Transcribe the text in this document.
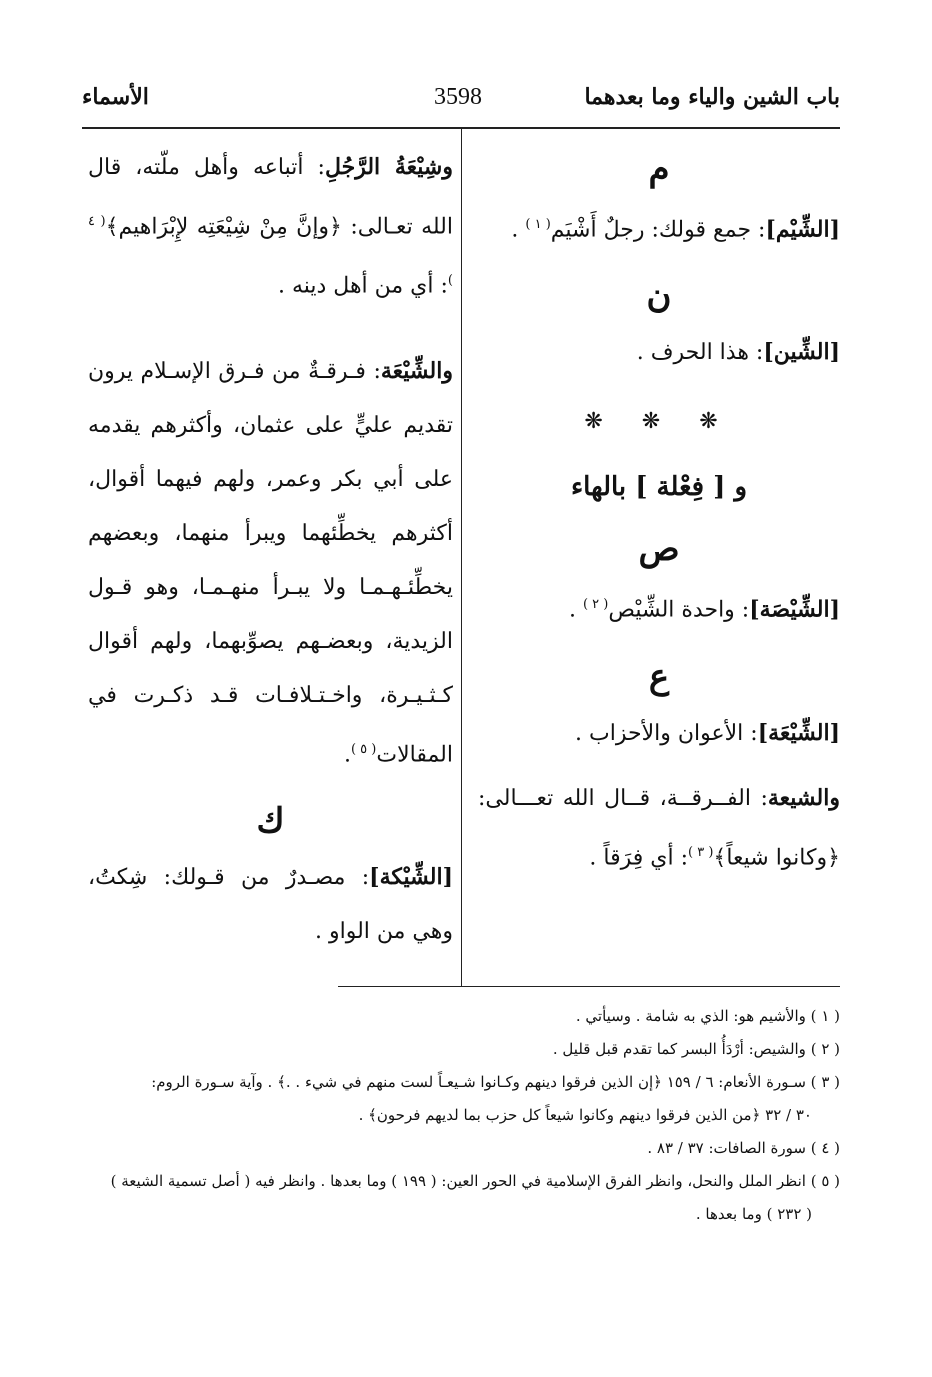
باب الشين والياء وما بعدهما
3598
الأسماء
م

[الشِّيْم]: جمع قولك: رجلٌ أَشْيَم$^{( ١ )}$ .

ن

[الشِّين]: هذا الحرف .

❋ ❋ ❋
و [ فِعْلة ] بالهاء
ص

[الشِّيْصَة]: واحدة الشِّيْص$^{( ٢ )}$ .

ع

[الشِّيْعَة]: الأعوان والأحزاب .

والشيعة: الفــرقــة، قــال الله تعـــالى: ﴿وكانوا شيعاً﴾$^{( ٣ )}$: أي فِرَقاً .

وشِيْعَةُ الرَّجُلِ: أتباعه وأهل ملّته، قال الله تعـالى: ﴿وإنَّ مِنْ شِيْعَتِه لإِبْرَاهيم﴾$^{( ٤ )}$: أي من أهل دينه .

والشِّيْعَة: فـرقـةٌ من فـرق الإسـلام يرون تقديم عليٍّ على عثمان، وأكثرهم يقدمه على أبي بكر وعمر، ولهم فيهما أقوال، أكثرهم يخطِّئهما ويبرأ منهما، وبعضهم يخطِّئـهـمـا ولا يبـرأ منهـمـا، وهو قـول الزيدية، وبعضـهم يصوِّبهما، ولهم أقوال كـثـيـرة، واخـتـلافـات قـد ذكـرت في المقالات$^{( ٥ )}$.

ك

[الشِّيْكة]: مصـدرٌ من قـولك: شِكتُ، وهي من الواو .

( ١ ) والأشيم هو: الذي به شامة . وسيأتي .

( ٢ ) والشيص: أرْدَأُ البسر كما تقدم قبل قليل .

( ٣ ) سـورة الأنعام: ٦ / ١٥٩ ﴿إن الذين فرقوا دينهم وكـانوا شـيعـاً لست منهم في شيء . .﴾ . وآية سـورة الروم:

٣٠ / ٣٢ ﴿من الذين فرقوا دينهم وكانوا شيعاً كل حزب بما لديهم فرحون﴾ .

( ٤ ) سورة الصافات: ٣٧ / ٨٣ .

( ٥ ) انظر الملل والنحل، وانظر الفرق الإسلامية في الحور العين: ( ١٩٩ ) وما بعدها . وانظر فيه ( أصل تسمية الشيعة )

( ٢٣٢ ) وما بعدها .
